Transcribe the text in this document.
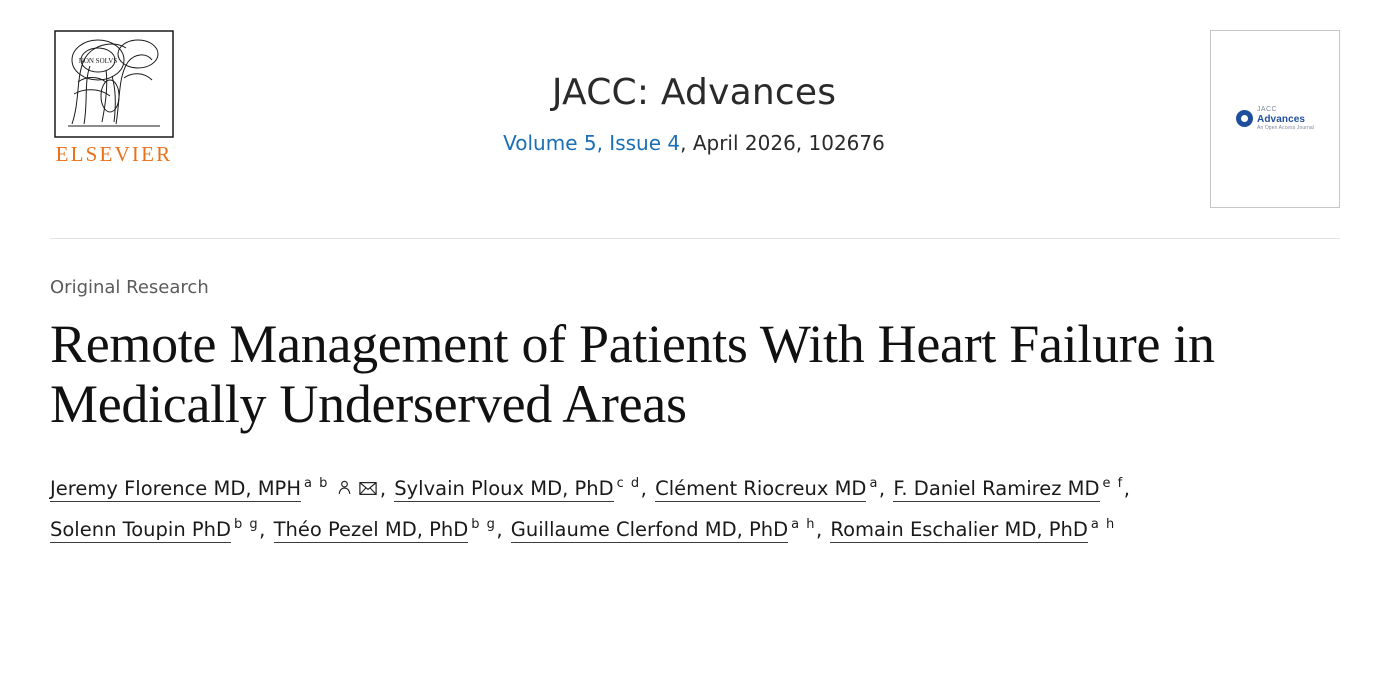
NON SOLVS
ELSEVIER
JACC: Advances
Volume 5, Issue 4, April 2026, 102676
JACC
Advances
An Open Access Journal
Original Research
Remote Management of Patients With Heart Failure in Medically Underserved Areas
Jeremy Florence MD, MPH $^{a b}$	, Sylvain Ploux MD, PhD $^{c d}$, Clément Riocreux MD $^a$, F. Daniel Ramirez MD $^{e f}$, Solenn Toupin PhD $^{b g}$, Théo Pezel MD, PhD $^{b g}$, Guillaume Clerfond MD, PhD $^{a h}$, Romain Eschalier MD, PhD $^{a h}$
